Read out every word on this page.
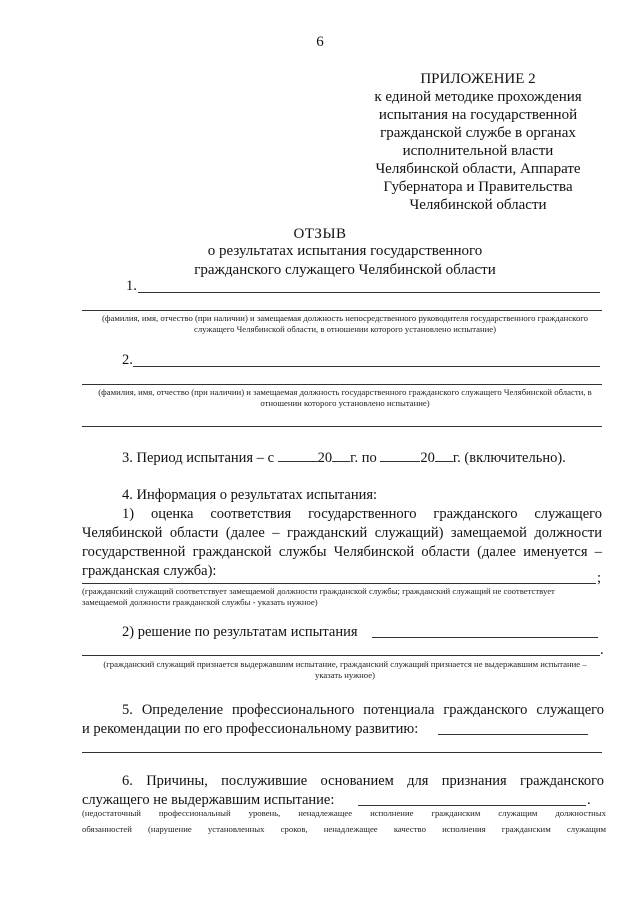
6
ПРИЛОЖЕНИЕ 2
к единой методике прохождения
испытания на государственной
гражданской службе в органах
исполнительной власти
Челябинской области, Аппарате
Губернатора и Правительства
Челябинской области
ОТЗЫВ
о результатах испытания государственного
гражданского служащего Челябинской области
1.
(фамилия, имя, отчество (при наличии) и замещаемая должность непосредственного руководителя государственного гражданского служащего Челябинской области, в отношении которого установлено испытание)
2.
(фамилия, имя, отчество (при наличии) и замещаемая должность государственного гражданского служащего Челябинской области, в отношении которого установлено испытание)
3. Период испытания – с	20 г. по	20 г. (включительно).
4. Информация о результатах испытания:
1) оценка соответствия государственного гражданского служащего
Челябинской области (далее – гражданский служащий) замещаемой должности
государственной гражданской службы Челябинской области (далее именуется –
гражданская служба):	;
(гражданский служащий соответствует замещаемой должности гражданской службы; гражданский служащий не соответствует замещаемой должности гражданской службы - указать нужное)
2) решение по результатам испытания
.
(гражданский служащий признается выдержавшим испытание, гражданский служащий признается не выдержавшим испытание – указать нужное)
5. Определение профессионального потенциала гражданского служащего
и рекомендации по его профессиональному развитию:
6. Причины, послужившие основанием для признания гражданского
служащего не выдержавшим испытание:	.
(недостаточный профессиональный уровень, ненадлежащее исполнение гражданским служащим должностных
обязанностей (нарушение установленных сроков, ненадлежащее качество исполнения гражданским служащим
